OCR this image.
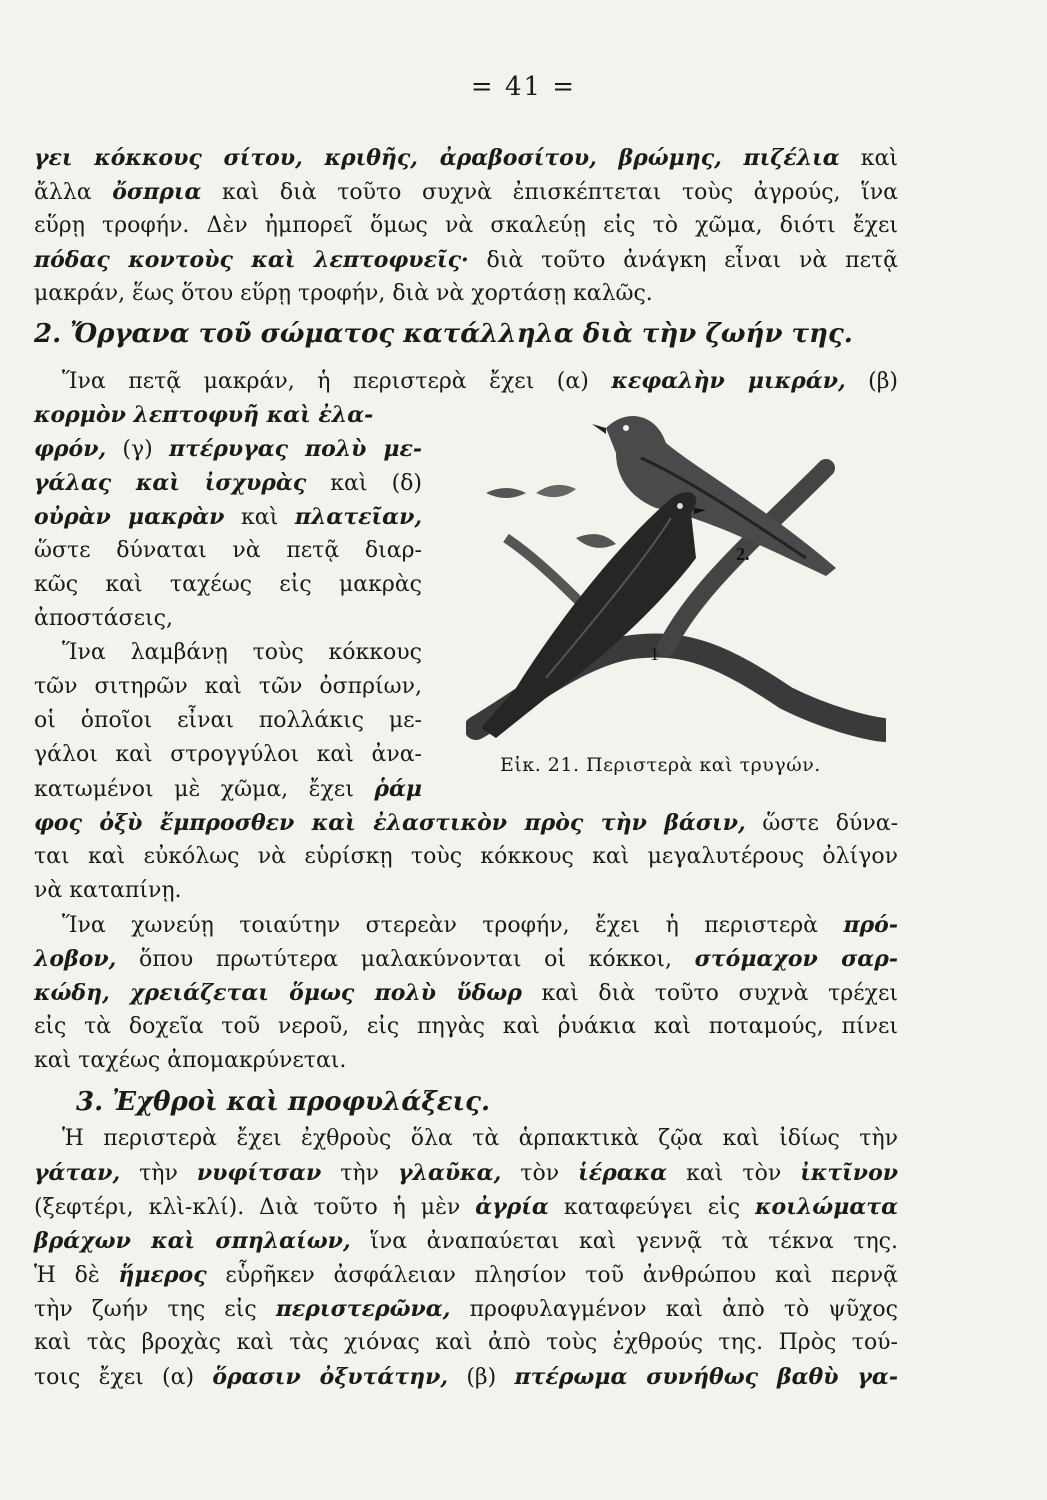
= 41 =
γει κόκκους σίτου, κριθῆς, ἀραβοσίτου, βρώμης, πιζέλια καὶ
ἄλλα ὄσπρια καὶ διὰ τοῦτο συχνὰ ἐπισκέπτεται τοὺς ἀγρούς, ἵνα
εὕρῃ τροφήν. Δὲν ἠμπορεῖ ὅμως νὰ σκαλεύῃ εἰς τὸ χῶμα, διότι ἔχει
πόδας κοντοὺς καὶ λεπτοφυεῖς· διὰ τοῦτο ἀνάγκη εἶναι νὰ πετᾷ
μακράν, ἕως ὅτου εὕρῃ τροφήν, διὰ νὰ χορτάσῃ καλῶς.
2. Ὄργανα τοῦ σώματος κατάλληλα διὰ τὴν ζωήν της.
Ἵνα πετᾷ μακράν, ἡ περιστερὰ ἔχει (α) κεφαλὴν μικράν, (β)
κορμὸν λεπτοφυῆ καὶ ἐλα-
φρόν, (γ) πτέρυγας πολὺ με-
γάλας καὶ ἰσχυρὰς καὶ (δ)
οὐρὰν μακρὰν καὶ πλατεῖαν,
ὥστε δύναται νὰ πετᾷ διαρ-
κῶς καὶ ταχέως εἰς μακρὰς
ἀποστάσεις,
Ἵνα λαμβάνῃ τοὺς κόκκους
τῶν σιτηρῶν καὶ τῶν ὀσπρίων,
οἱ ὁποῖοι εἶναι πολλάκις με-
γάλοι καὶ στρογγύλοι καὶ ἀνα-
κατωμένοι μὲ χῶμα, ἔχει ῥάμ
1
2.
Εἰκ. 21. Περιστερὰ καὶ τρυγών.
φος ὀξὺ ἔμπροσθεν καὶ ἐλαστικὸν πρὸς τὴν βάσιν, ὥστε δύνα-
ται καὶ εὐκόλως νὰ εὑρίσκῃ τοὺς κόκκους καὶ μεγαλυτέρους ὀλίγον
νὰ καταπίνῃ.
Ἵνα χωνεύῃ τοιαύτην στερεὰν τροφήν, ἔχει ἡ περιστερὰ πρό-
λοβον, ὅπου πρωτύτερα μαλακύνονται οἱ κόκκοι, στόμαχον σαρ-
κώδη, χρειάζεται ὅμως πολὺ ὕδωρ καὶ διὰ τοῦτο συχνὰ τρέχει
εἰς τὰ δοχεῖα τοῦ νεροῦ, εἰς πηγὰς καὶ ῥυάκια καὶ ποταμούς, πίνει
καὶ ταχέως ἀπομακρύνεται.
3. Ἐχθροὶ καὶ προφυλάξεις.
Ἡ περιστερὰ ἔχει ἐχθροὺς ὅλα τὰ ἁρπακτικὰ ζῷα καὶ ἰδίως τὴν
γάταν, τὴν νυφίτσαν τὴν γλαῦκα, τὸν ἱέρακα καὶ τὸν ἰκτῖνον
(ξεφτέρι, κλὶ-κλί). Διὰ τοῦτο ἡ μὲν ἀγρία καταφεύγει εἰς κοιλώματα
βράχων καὶ σπηλαίων, ἵνα ἀναπαύεται καὶ γεννᾷ τὰ τέκνα της.
Ἡ δὲ ἥμερος εὗρῆκεν ἀσφάλειαν πλησίον τοῦ ἀνθρώπου καὶ περνᾷ
τὴν ζωήν της εἰς περιστερῶνα, προφυλαγμένον καὶ ἀπὸ τὸ ψῦχος
καὶ τὰς βροχὰς καὶ τὰς χιόνας καὶ ἀπὸ τοὺς ἐχθρούς της. Πρὸς τού-
τοις ἔχει (α) ὅρασιν ὀξυτάτην, (β) πτέρωμα συνήθως βαθὺ γα-
